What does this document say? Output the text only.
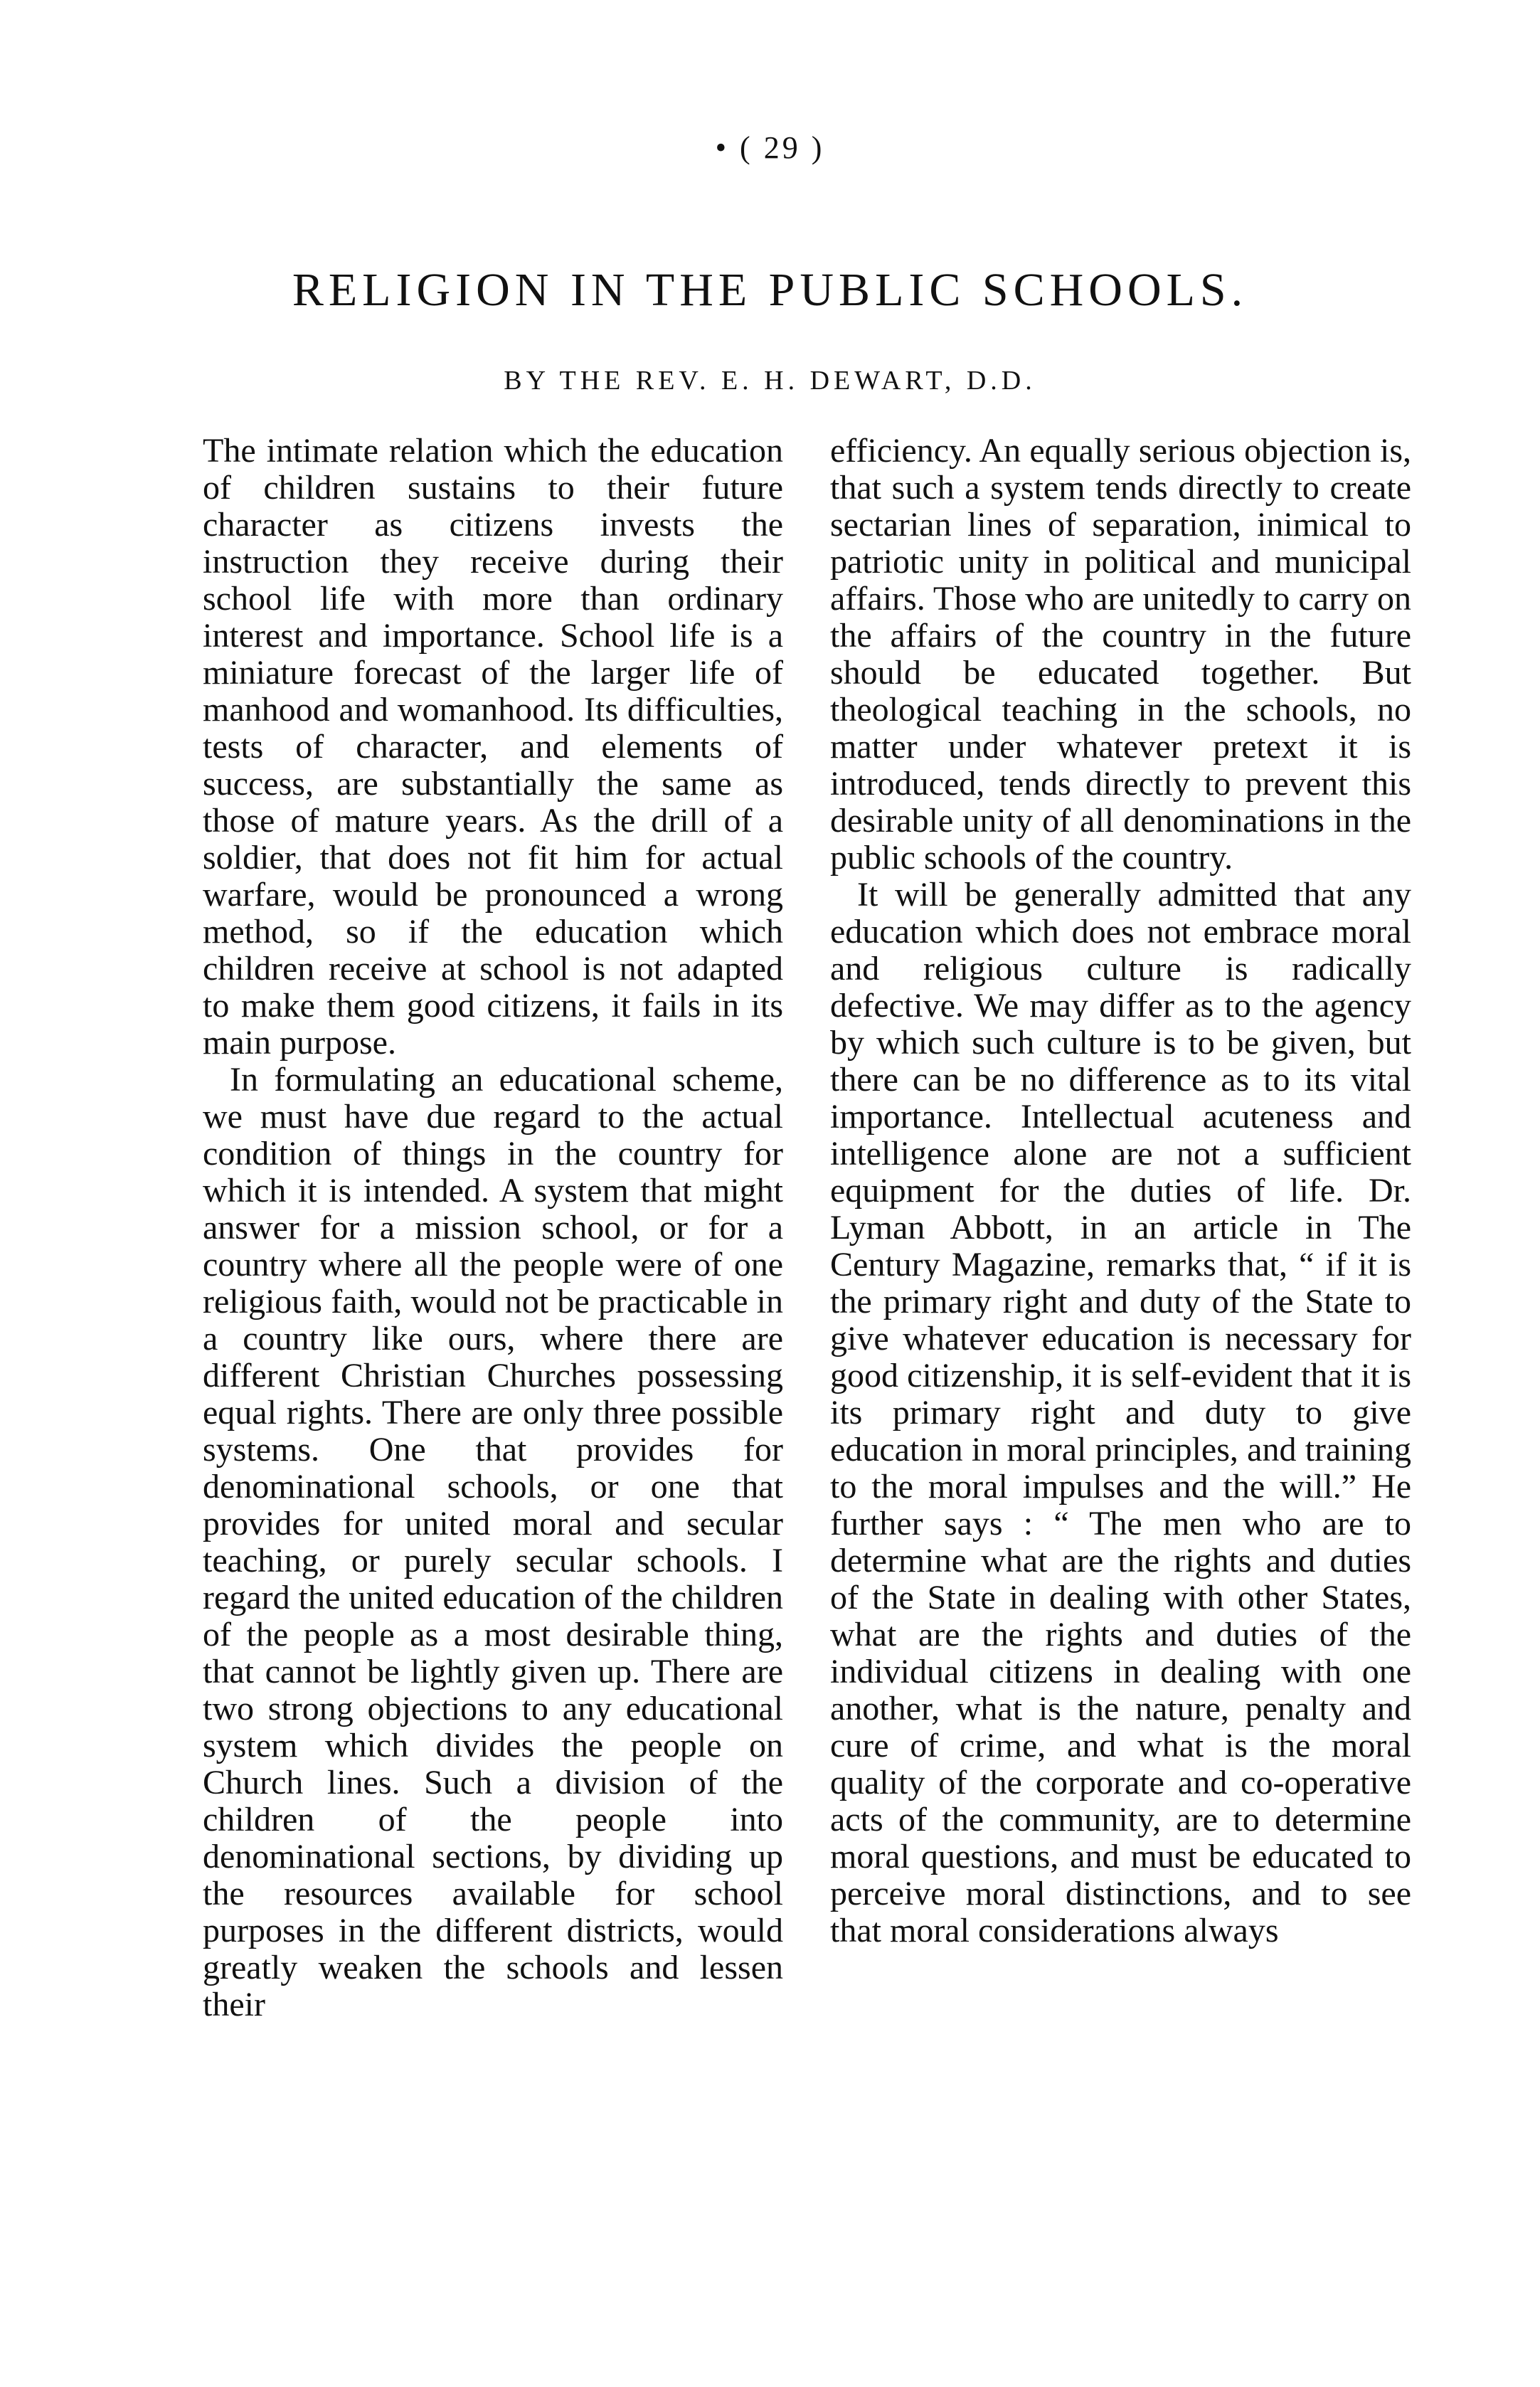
• ( 29 )
RELIGION IN THE PUBLIC SCHOOLS.
BY THE REV. E. H. DEWART, D.D.

The intimate relation which the education of children sustains to their future character as citizens invests the instruction they receive during their school life with more than ordinary interest and importance. School life is a miniature forecast of the larger life of manhood and womanhood. Its difficulties, tests of character, and elements of success, are substantially the same as those of mature years. As the drill of a soldier, that does not fit him for actual warfare, would be pronounced a wrong method, so if the education which children receive at school is not adapted to make them good citizens, it fails in its main purpose.

In formulating an educational scheme, we must have due regard to the actual condition of things in the country for which it is intended. A system that might answer for a mission school, or for a country where all the people were of one religious faith, would not be practicable in a country like ours, where there are different Christian Churches possessing equal rights. There are only three possible systems. One that provides for denominational schools, or one that provides for united moral and secular teaching, or purely secular schools. I regard the united education of the children of the people as a most desirable thing, that cannot be lightly given up. There are two strong objections to any educational system which divides the people on Church lines. Such a division of the children of the people into denominational sections, by dividing up the resources available for school purposes in the different districts, would greatly weaken the schools and lessen their

efficiency. An equally serious objection is, that such a system tends directly to create sectarian lines of separation, inimical to patriotic unity in political and municipal affairs. Those who are unitedly to carry on the affairs of the country in the future should be educated together. But theological teaching in the schools, no matter under whatever pretext it is introduced, tends directly to prevent this desirable unity of all denominations in the public schools of the country.

It will be generally admitted that any education which does not embrace moral and religious culture is radically defective. We may differ as to the agency by which such culture is to be given, but there can be no difference as to its vital importance. Intellectual acuteness and intelligence alone are not a sufficient equipment for the duties of life. Dr. Lyman Abbott, in an article in The Century Magazine, remarks that, “ if it is the primary right and duty of the State to give whatever education is necessary for good citizenship, it is self-evident that it is its primary right and duty to give education in moral principles, and training to the moral impulses and the will.” He further says : “ The men who are to determine what are the rights and duties of the State in dealing with other States, what are the rights and duties of the individual citizens in dealing with one another, what is the nature, penalty and cure of crime, and what is the moral quality of the corporate and co-operative acts of the community, are to determine moral questions, and must be educated to perceive moral distinctions, and to see that moral considerations always
